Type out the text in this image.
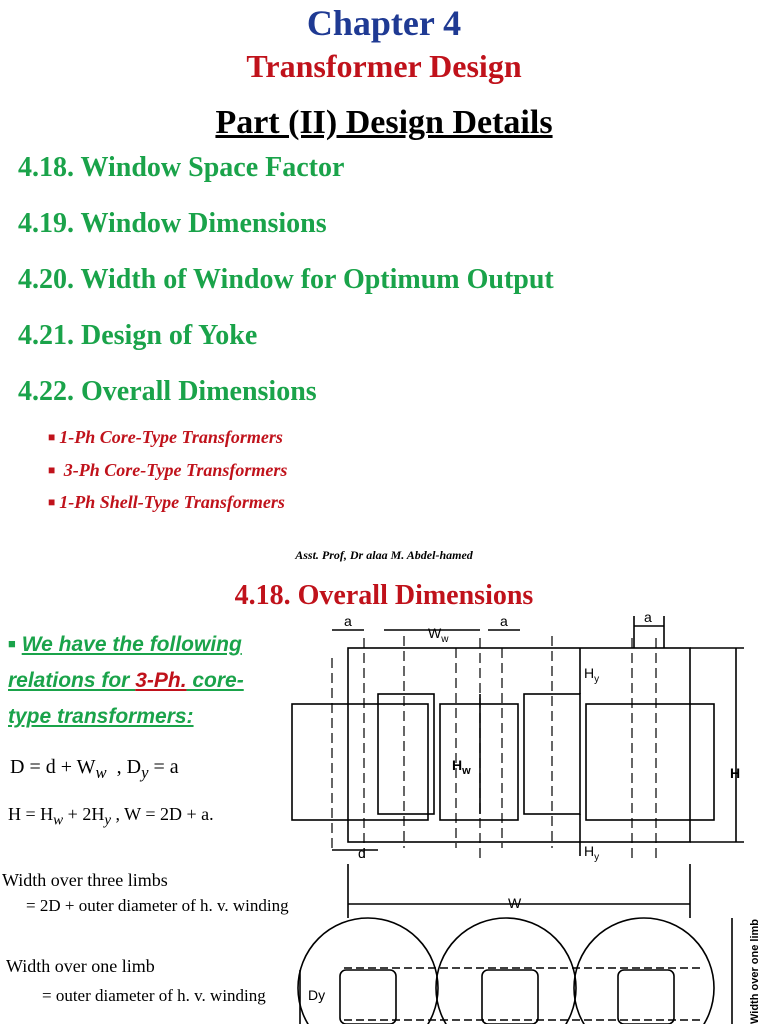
Chapter 4
Transformer Design
Part (II) Design Details
4.18. Window Space Factor
4.19. Window Dimensions
4.20. Width of Window for Optimum Output
4.21. Design of Yoke
4.22. Overall Dimensions
■ 1-Ph Core-Type Transformers
■ 3-Ph Core-Type Transformers
■ 1-Ph Shell-Type Transformers
Asst. Prof, Dr alaa M. Abdel-hamed
4.18. Overall Dimensions
■ We have the following relations for 3-Ph. core-type transformers:
$D = d + W_w$ , $D_y = a$
$H = H_w + 2H_y$ , W = 2D + a.
Width over three limbs
= 2D + outer diameter of h. v. winding
Width over one limb
= outer diameter of h. v. winding
a
$W_w$
a	a
$H_y$
$H_w$	H
d	$H_y$
W
Dy	Width over one limb
